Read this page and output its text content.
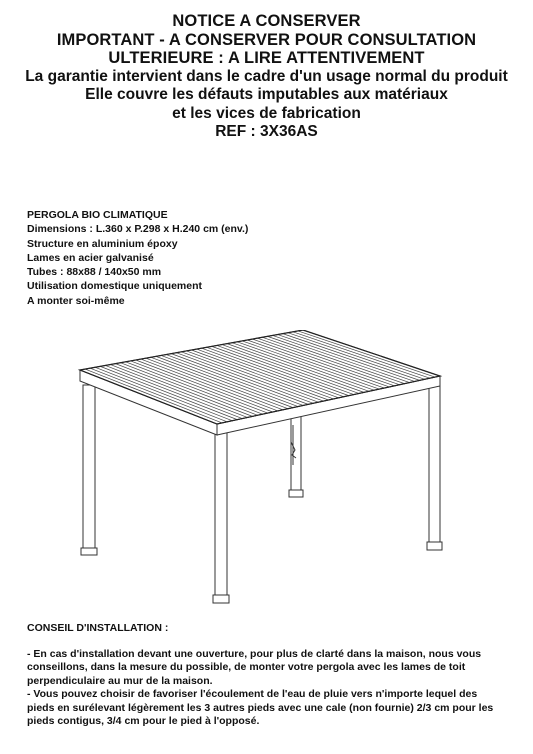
NOTICE A CONSERVER
IMPORTANT - A CONSERVER POUR CONSULTATION
ULTERIEURE : A LIRE ATTENTIVEMENT
La garantie intervient dans le cadre d'un usage normal du produit
Elle couvre les défauts imputables aux matériaux
et les vices de fabrication
REF : 3X36AS
PERGOLA BIO CLIMATIQUE
Dimensions : L.360 x P.298 x H.240 cm (env.)
Structure en aluminium époxy
Lames en acier galvanisé
Tubes : 88x88 / 140x50 mm
Utilisation domestique uniquement
A monter soi-même
CONSEIL D'INSTALLATION :

- En cas d'installation devant une ouverture, pour plus de clarté dans la maison, nous vous conseillons, dans la mesure du possible, de monter votre pergola avec les lames de toit perpendiculaire au mur de la maison.

- Vous pouvez choisir de favoriser l'écoulement de l'eau de pluie vers n'importe lequel des pieds en surélevant légèrement les 3 autres pieds avec une cale (non fournie) 2/3 cm pour les pieds contigus, 3/4 cm pour le pied à l'opposé.
